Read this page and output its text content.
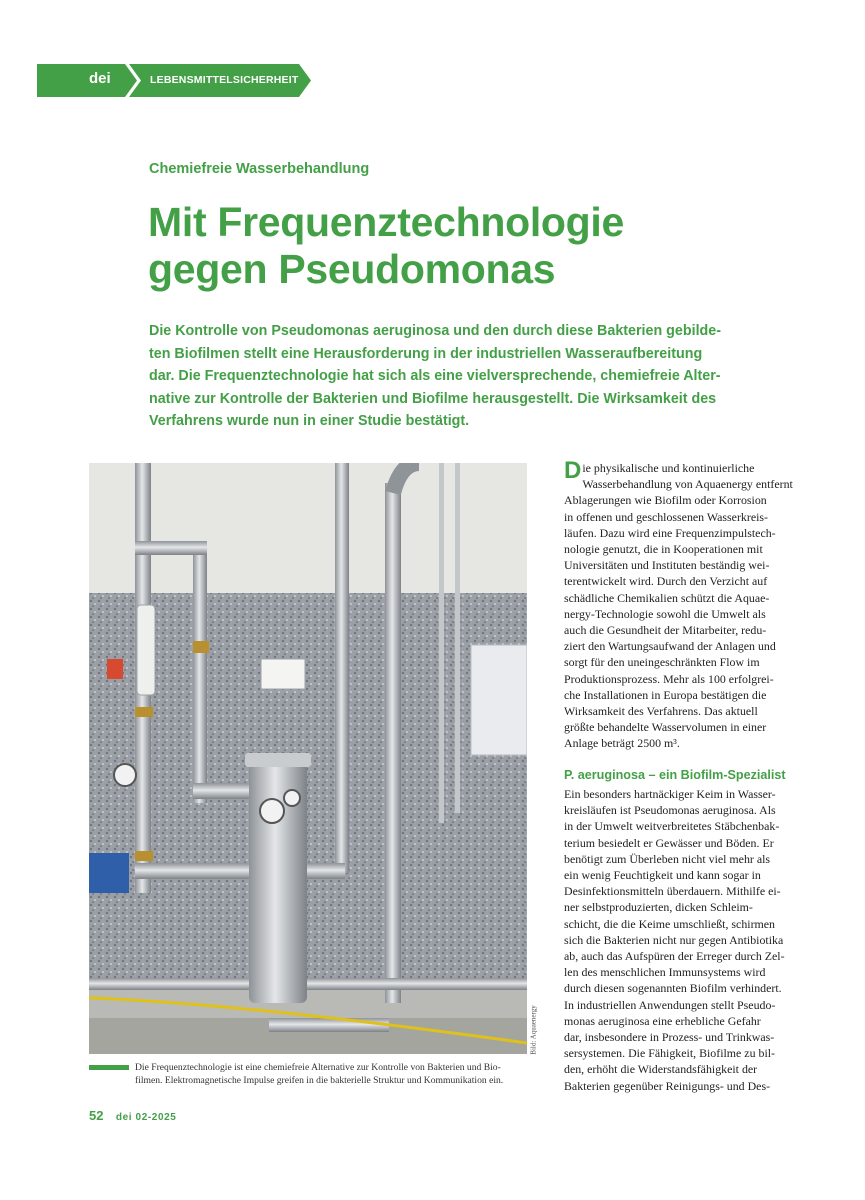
dei	LEBENSMITTELSICHERHEIT
Chemiefreie Wasserbehandlung
Mit Frequenztechnologie
gegen Pseudomonas
Die Kontrolle von Pseudomonas aeruginosa und den durch diese Bakterien gebilde-
ten Biofilmen stellt eine Herausforderung in der industriellen Wasseraufbereitung
dar. Die Frequenztechnologie hat sich als eine vielversprechende, chemiefreie Alter-
native zur Kontrolle der Bakterien und Biofilme herausgestellt. Die Wirksamkeit des
Verfahrens wurde nun in einer Studie bestätigt.
Bild: Aquaenergy
Die Frequenztechnologie ist eine chemiefreie Alternative zur Kontrolle von Bakterien und Bio-
filmen. Elektromagnetische Impulse greifen in die bakterielle Struktur und Kommunikation ein.
D ie physikalische und kontinuierliche
Wasserbehandlung von Aquaenergy entfernt
Ablagerungen wie Biofilm oder Korrosion
in offenen und geschlossenen Wasserkreis-
läufen. Dazu wird eine Frequenzimpulstech-
nologie genutzt, die in Kooperationen mit
Universitäten und Instituten beständig wei-
terentwickelt wird. Durch den Verzicht auf
schädliche Chemikalien schützt die Aquae-
nergy-Technologie sowohl die Umwelt als
auch die Gesundheit der Mitarbeiter, redu-
ziert den Wartungsaufwand der Anlagen und
sorgt für den uneingeschränkten Flow im
Produktionsprozess. Mehr als 100 erfolgrei-
che Installationen in Europa bestätigen die
Wirksamkeit des Verfahrens. Das aktuell
größte behandelte Wasservolumen in einer
Anlage beträgt 2500 m³.
P. aeruginosa – ein Biofilm-Spezialist
Ein besonders hartnäckiger Keim in Wasser-
kreisläufen ist Pseudomonas aeruginosa. Als
in der Umwelt weitverbreitetes Stäbchenbak-
terium besiedelt er Gewässer und Böden. Er
benötigt zum Überleben nicht viel mehr als
ein wenig Feuchtigkeit und kann sogar in
Desinfektionsmitteln überdauern. Mithilfe ei-
ner selbstproduzierten, dicken Schleim-
schicht, die die Keime umschließt, schirmen
sich die Bakterien nicht nur gegen Antibiotika
ab, auch das Aufspüren der Erreger durch Zel-
len des menschlichen Immunsystems wird
durch diesen sogenannten Biofilm verhindert.
In industriellen Anwendungen stellt Pseudo-
monas aeruginosa eine erhebliche Gefahr
dar, insbesondere in Prozess- und Trinkwas-
sersystemen. Die Fähigkeit, Biofilme zu bil-
den, erhöht die Widerstandsfähigkeit der
Bakterien gegenüber Reinigungs- und Des-
52 dei 02-2025
